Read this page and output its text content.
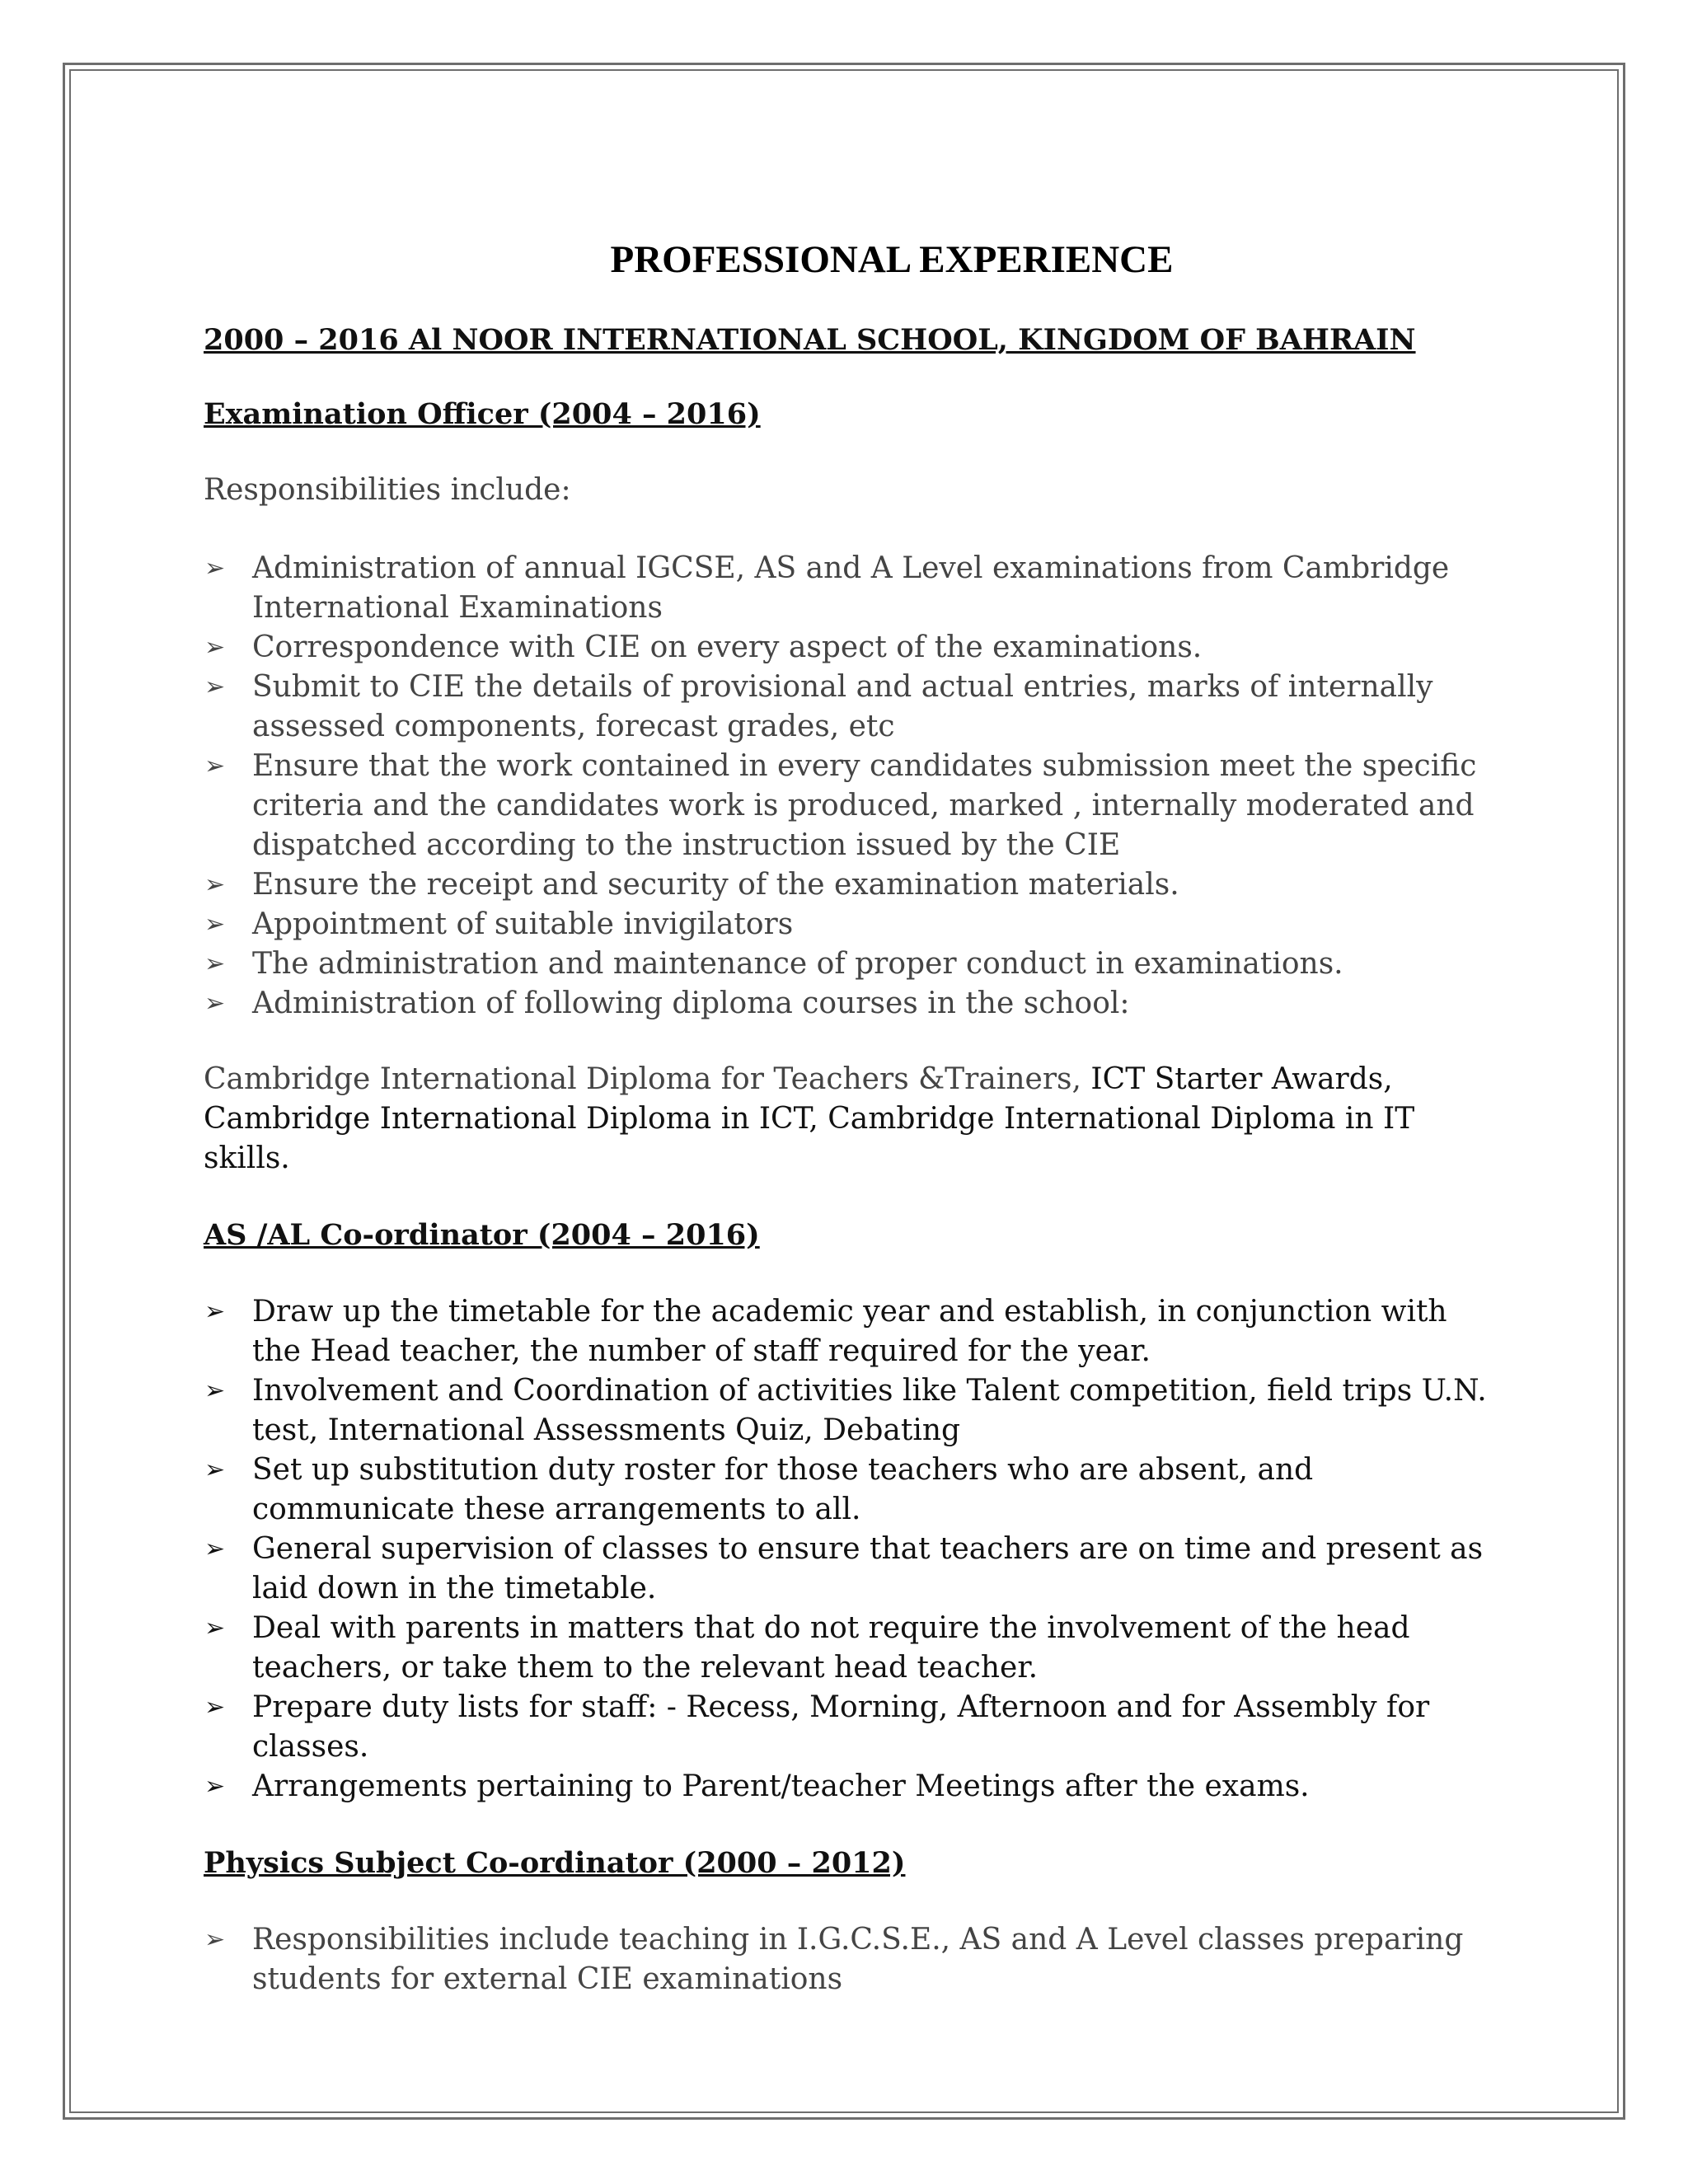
PROFESSIONAL EXPERIENCE
2000 – 2016 Al NOOR INTERNATIONAL SCHOOL, KINGDOM OF BAHRAIN
Examination Officer (2004 – 2016)
Responsibilities include:
➢ Administration of annual IGCSE, AS and A Level examinations from Cambridge International Examinations
➢ Correspondence with CIE on every aspect of the examinations.
➢ Submit to CIE the details of provisional and actual entries, marks of internally assessed components, forecast grades, etc
➢ Ensure that the work contained in every candidates submission meet the specific criteria and the candidates work is produced, marked , internally moderated and dispatched according to the instruction issued by the CIE
➢ Ensure the receipt and security of the examination materials.
➢ Appointment of suitable invigilators
➢ The administration and maintenance of proper conduct in examinations.
➢ Administration of following diploma courses in the school:
Cambridge International Diploma for Teachers &Trainers, ICT Starter Awards, Cambridge International Diploma in ICT, Cambridge International Diploma in IT skills.
AS /AL Co-ordinator (2004 – 2016)
➢ Draw up the timetable for the academic year and establish, in conjunction with the Head teacher, the number of staff required for the year.
➢ Involvement and Coordination of activities like Talent competition, field trips U.N. test, International Assessments Quiz, Debating
➢ Set up substitution duty roster for those teachers who are absent, and communicate these arrangements to all.
➢ General supervision of classes to ensure that teachers are on time and present as laid down in the timetable.
➢ Deal with parents in matters that do not require the involvement of the head teachers, or take them to the relevant head teacher.
➢ Prepare duty lists for staff: - Recess, Morning, Afternoon and for Assembly for classes.
➢ Arrangements pertaining to Parent/teacher Meetings after the exams.
Physics Subject Co-ordinator (2000 – 2012)
➢ Responsibilities include teaching in I.G.C.S.E., AS and A Level classes preparing students for external CIE examinations
